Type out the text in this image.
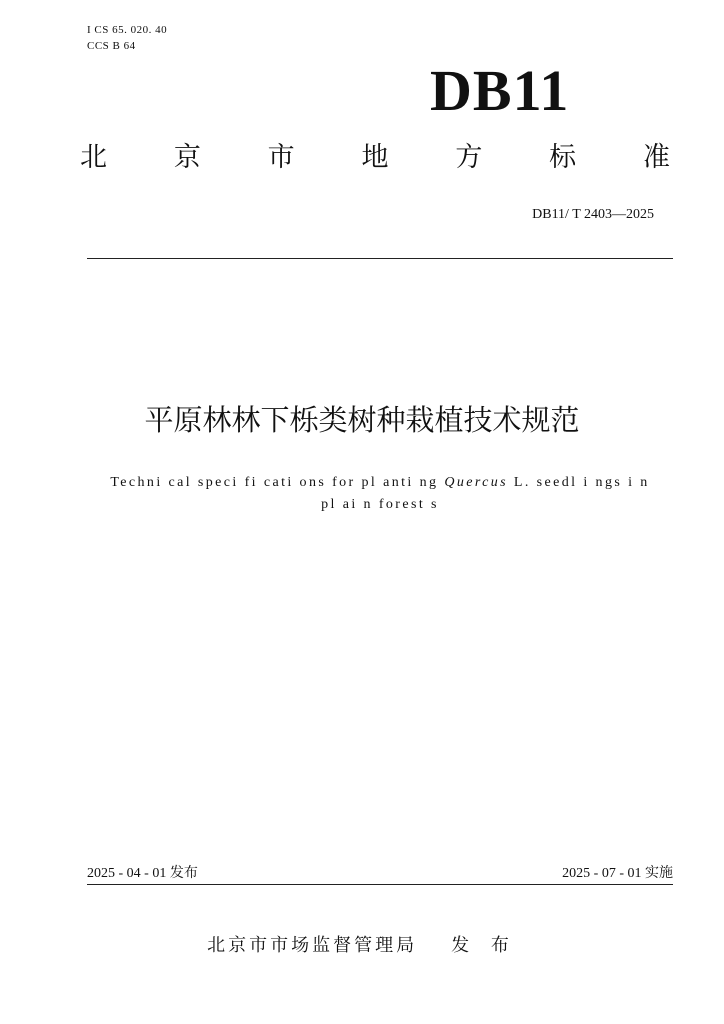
I CS 65. 020. 40
CCS B 64
DB11
北 京 市 地 方 标 准
DB11/ T 2403—2025
平原林林下栎类树种栽植技术规范
Techni cal speci fi cati ons for pl anti ng Quercus L. seedl i ngs i n
pl ai n forest s
2025 - 04 - 01 发布	2025 - 07 - 01 实施
北京市市场监督管理局 发 布
